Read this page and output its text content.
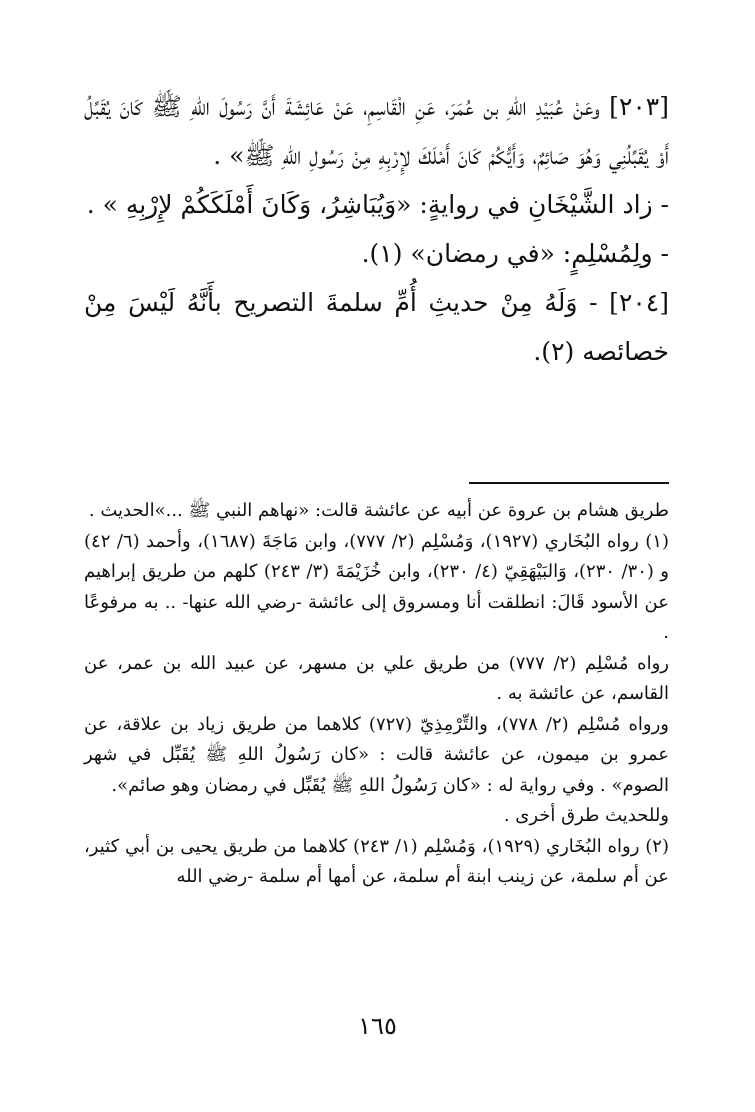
[٢٠٣] وعَنْ عُبَيْدِ اللهِ بن عُمَرَ، عَنِ الْقَاسِمِ، عَنْ عَائِشَةَ أَنَّ رَسُولَ اللهِ ﷺ كَانَ يُقَبِّلُ أَوْ يُقَبِّلُنِي وَهُوَ صَائِمٌ، وَأَيُّكُمْ كَانَ أَمْلَكَ لإِرْبِهِ مِنْ رَسُولِ اللهِ ﷺ» .

- زاد الشَّيْخَانِ في روايةٍ: «وَيُبَاشِرُ، وَكَانَ أَمْلَكَكُمْ لإِرْبِهِ » .

- ولِمُسْلِمٍ: «في رمضان» (١).

[٢٠٤] - وَلَهُ مِنْ حديثِ أُمِّ سلمةَ التصريح بأَنَّهُ لَيْسَ مِنْ خصائصه (٢).

طريق هشام بن عروة عن أبيه عن عائشة قالت: «نهاهم النبي ﷺ ...»الحديث .

(١) رواه البُخَاري (١٩٢٧)، وَمُسْلِم (٢/ ٧٧٧)، وابن مَاجَةَ (١٦٨٧)، وأحمد (٦/ ٤٢) و (٣٠/ ٢٣٠)، وَالبَيْهَقِيّ (٤/ ٢٣٠)، وابن خُزَيْمَةَ (٣/ ٢٤٣) كلهم من طريق إبراهيم عن الأسود قَالَ: انطلقت أنا ومسروق إلى عائشة -رضي الله عنها- .. به مرفوعًا .

رواه مُسْلِم (٢/ ٧٧٧) من طريق علي بن مسهر، عن عبيد الله بن عمر، عن القاسم، عن عائشة به .

ورواه مُسْلِم (٢/ ٧٧٨)، والتِّرْمِذِيّ (٧٢٧) كلاهما من طريق زياد بن علاقة، عن عمرو بن ميمون، عن عائشة قالت : «كان رَسُولُ اللهِ ﷺ يُقَبِّل في شهر الصوم» . وفي رواية له : «كان رَسُولُ اللهِ ﷺ يُقَبِّل في رمضان وهو صائم».

وللحديث طرق أخرى .

(٢) رواه البُخَاري (١٩٢٩)، وَمُسْلِم (١/ ٢٤٣) كلاهما من طريق يحيى بن أبي كثير، عن أم سلمة، عن زينب ابنة أم سلمة، عن أمها أم سلمة -رضي الله

١٦٥
